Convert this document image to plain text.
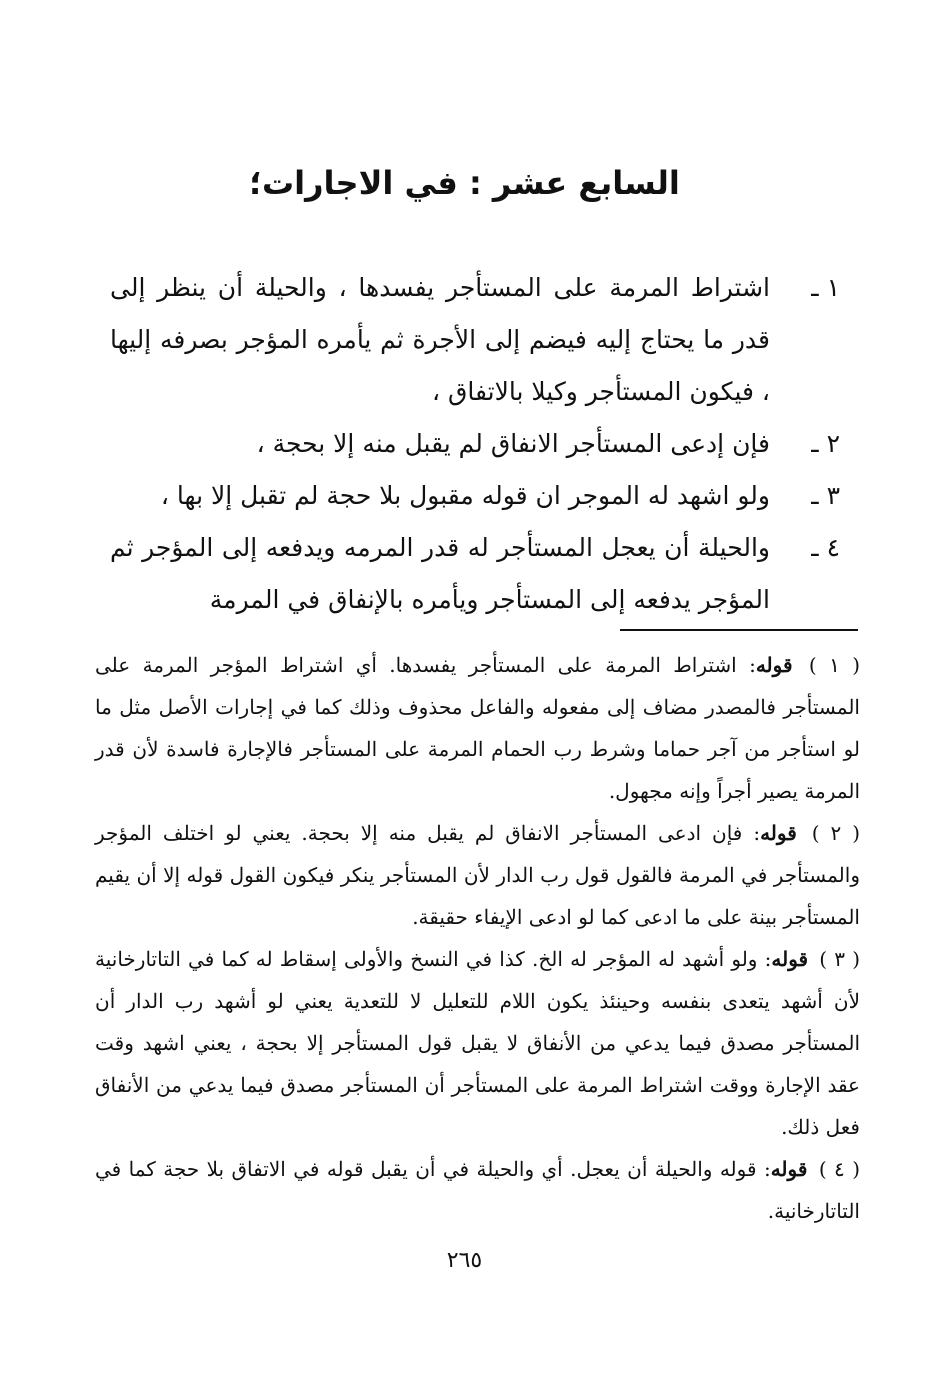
السابع عشر : في الاجارات؛
١ ـ
اشتراط المرمة على المستأجر يفسدها ، والحيلة أن ينظر إلى قدر ما يحتاج إليه فيضم إلى الأجرة ثم يأمره المؤجر بصرفه إليها ، فيكون المستأجر وكيلا بالاتفاق ،
٢ ـ
فإن إدعى المستأجر الانفاق لم يقبل منه إلا بحجة ،
٣ ـ
ولو اشهد له الموجر ان قوله مقبول بلا حجة لم تقبل إلا بها ،
٤ ـ
والحيلة أن يعجل المستأجر له قدر المرمه ويدفعه إلى المؤجر ثم المؤجر يدفعه إلى المستأجر ويأمره بالإنفاق في المرمة

( ١ ) قوله: اشتراط المرمة على المستأجر يفسدها. أي اشتراط المؤجر المرمة على المستأجر فالمصدر مضاف إلى مفعوله والفاعل محذوف وذلك كما في إجارات الأصل مثل ما لو استأجر من آجر حماما وشرط رب الحمام المرمة على المستأجر فالإجارة فاسدة لأن قدر المرمة يصير أجراً وإنه مجهول.

( ٢ ) قوله: فإن ادعى المستأجر الانفاق لم يقبل منه إلا بحجة. يعني لو اختلف المؤجر والمستأجر في المرمة فالقول قول رب الدار لأن المستأجر ينكر فيكون القول قوله إلا أن يقيم المستأجر بينة على ما ادعى كما لو ادعى الإيفاء حقيقة.

( ٣ ) قوله: ولو أشهد له المؤجر له الخ. كذا في النسخ والأولى إسقاط له كما في التاتارخانية لأن أشهد يتعدى بنفسه وحينئذ يكون اللام للتعليل لا للتعدية يعني لو أشهد رب الدار أن المستأجر مصدق فيما يدعي من الأنفاق لا يقبل قول المستأجر إلا بحجة ، يعني اشهد وقت عقد الإجارة ووقت اشتراط المرمة على المستأجر أن المستأجر مصدق فيما يدعي من الأنفاق فعل ذلك.

( ٤ ) قوله: قوله والحيلة أن يعجل. أي والحيلة في أن يقبل قوله في الاتفاق بلا حجة كما في التاتارخانية.

٢٦٥
